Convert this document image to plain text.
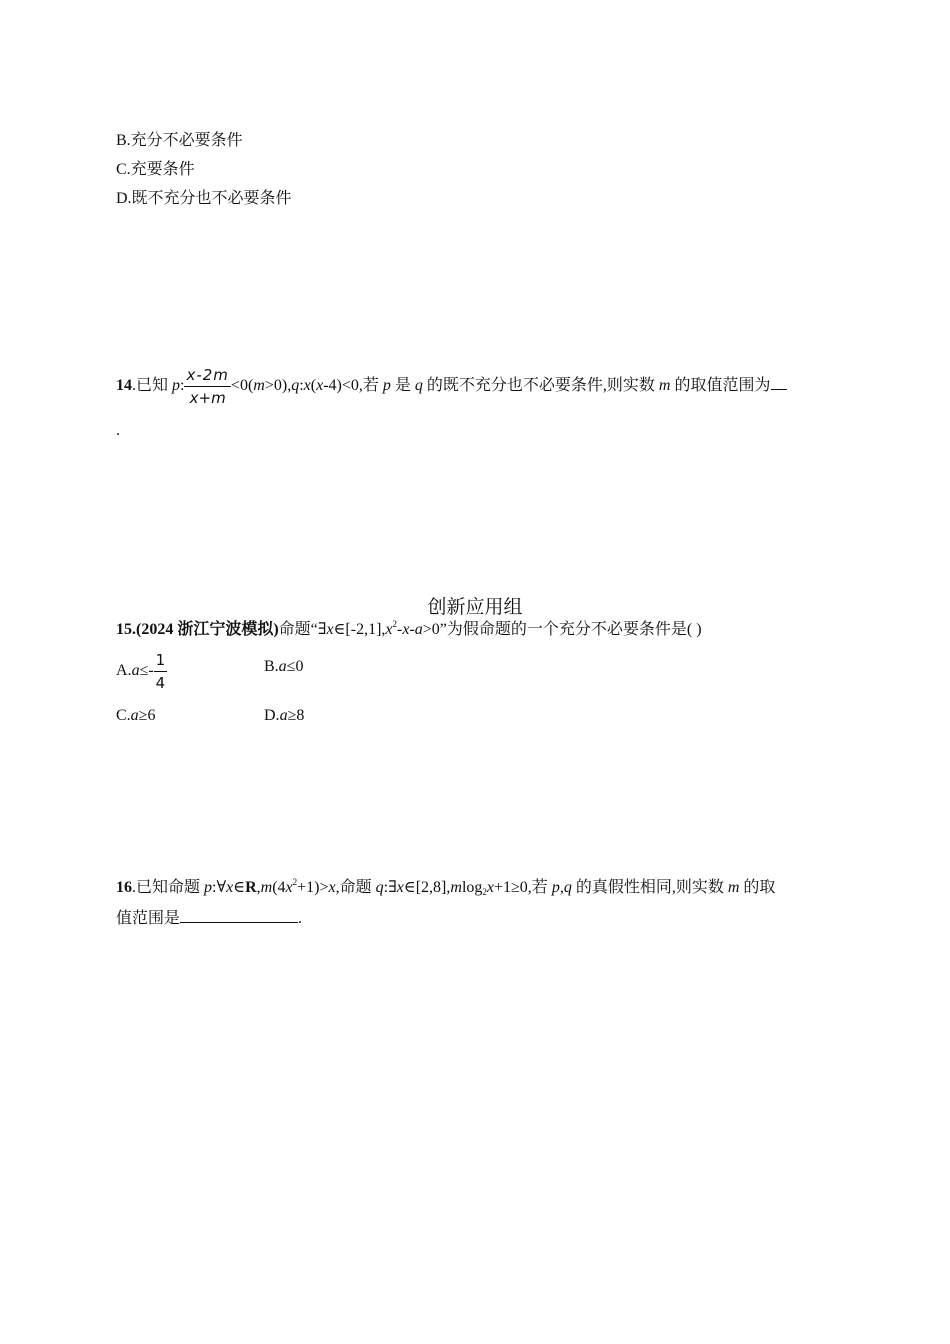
B.充分不必要条件
C.充要条件
D.既不充分也不必要条件
14.已知 p: $\frac{x-2m}{x+m}$ <0(m>0),q:x(x-4)<0,若 p 是 q 的既不充分也不必要条件,则实数 m 的取值范围为
.
创新应用组
15.(2024 浙江宁波模拟)命题“$\exists x\in[-2,1],x^2-x-a>0$”为假命题的一个充分不必要条件是( )
$A.a\le- \frac{1}{4}$	B.a≤0
C.a≥6	D.a≥8
16.已知命题 $p:\forall x\in R,m(4x^2+1)>x$,命题 q:∃x∈[2,8],mlog$_2$x+1≥0,若 p,q 的真假性相同,则实数 m 的取
值范围是	.
